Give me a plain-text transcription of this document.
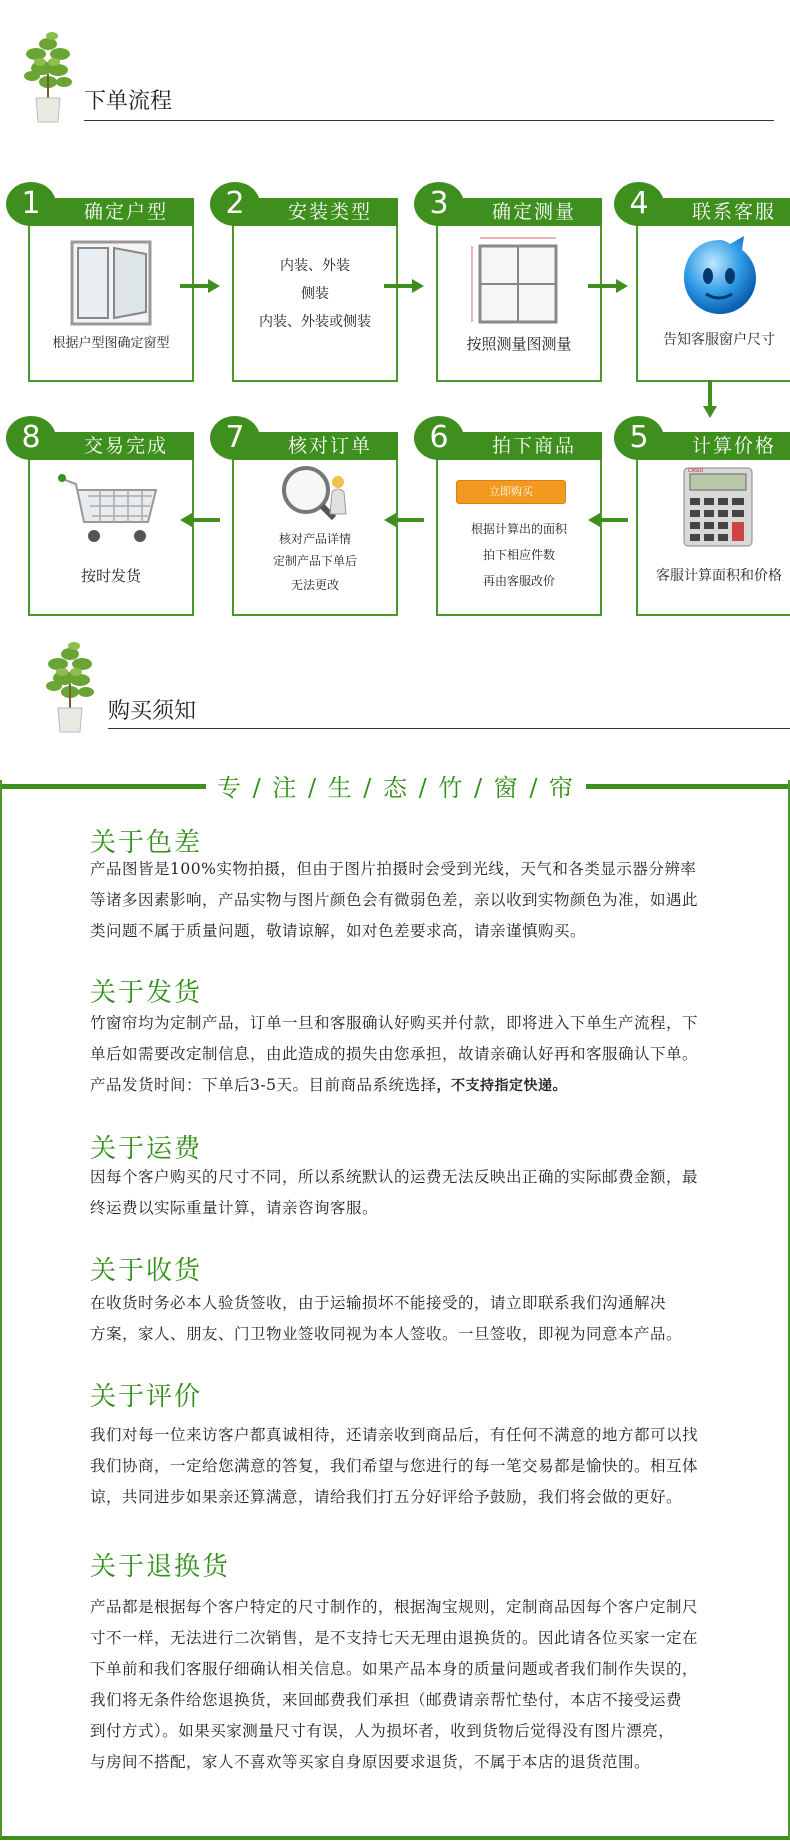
下单流程
1	确定户型
根据户型图确定窗型
2	安装类型
内装、外装
侧装
内装、外装或侧装
3	确定测量
按照测量图测量
4	联系客服
告知客服窗户尺寸
8	交易完成
按时发货
7	核对订单
核对产品详情
定制产品下单后
无法更改
6	拍下商品
立即购买
根据计算出的面积
拍下相应件数
再由客服改价
5	计算价格
CASIO
客服计算面积和价格
购买须知
专 / 注 / 生 / 态 / 竹 / 窗 / 帘
关于色差
产品图皆是100%实物拍摄，但由于图片拍摄时会受到光线，天气和各类显示器分辨率
等诸多因素影响，产品实物与图片颜色会有微弱色差，亲以收到实物颜色为准，如遇此
类问题不属于质量问题，敬请谅解，如对色差要求高，请亲谨慎购买。
关于发货
竹窗帘均为定制产品，订单一旦和客服确认好购买并付款，即将进入下单生产流程，下
单后如需要改定制信息，由此造成的损失由您承担，故请亲确认好再和客服确认下单。
产品发货时间：下单后3-5天。目前商品系统选择，不支持指定快递。
关于运费
因每个客户购买的尺寸不同，所以系统默认的运费无法反映出正确的实际邮费金额，最
终运费以实际重量计算，请亲咨询客服。
关于收货
在收货时务必本人验货签收，由于运输损坏不能接受的，请立即联系我们沟通解决
方案，家人、朋友、门卫物业签收同视为本人签收。一旦签收，即视为同意本产品。
关于评价
我们对每一位来访客户都真诚相待，还请亲收到商品后，有任何不满意的地方都可以找
我们协商，一定给您满意的答复，我们希望与您进行的每一笔交易都是愉快的。相互体
谅，共同进步如果亲还算满意，请给我们打五分好评给予鼓励，我们将会做的更好。
关于退换货
产品都是根据每个客户特定的尺寸制作的，根据淘宝规则，定制商品因每个客户定制尺
寸不一样，无法进行二次销售，是不支持七天无理由退换货的。因此请各位买家一定在
下单前和我们客服仔细确认相关信息。如果产品本身的质量问题或者我们制作失误的，
我们将无条件给您退换货，来回邮费我们承担（邮费请亲帮忙垫付，本店不接受运费
到付方式）。如果买家测量尺寸有误，人为损坏者，收到货物后觉得没有图片漂亮，
与房间不搭配，家人不喜欢等买家自身原因要求退货，不属于本店的退货范围。
